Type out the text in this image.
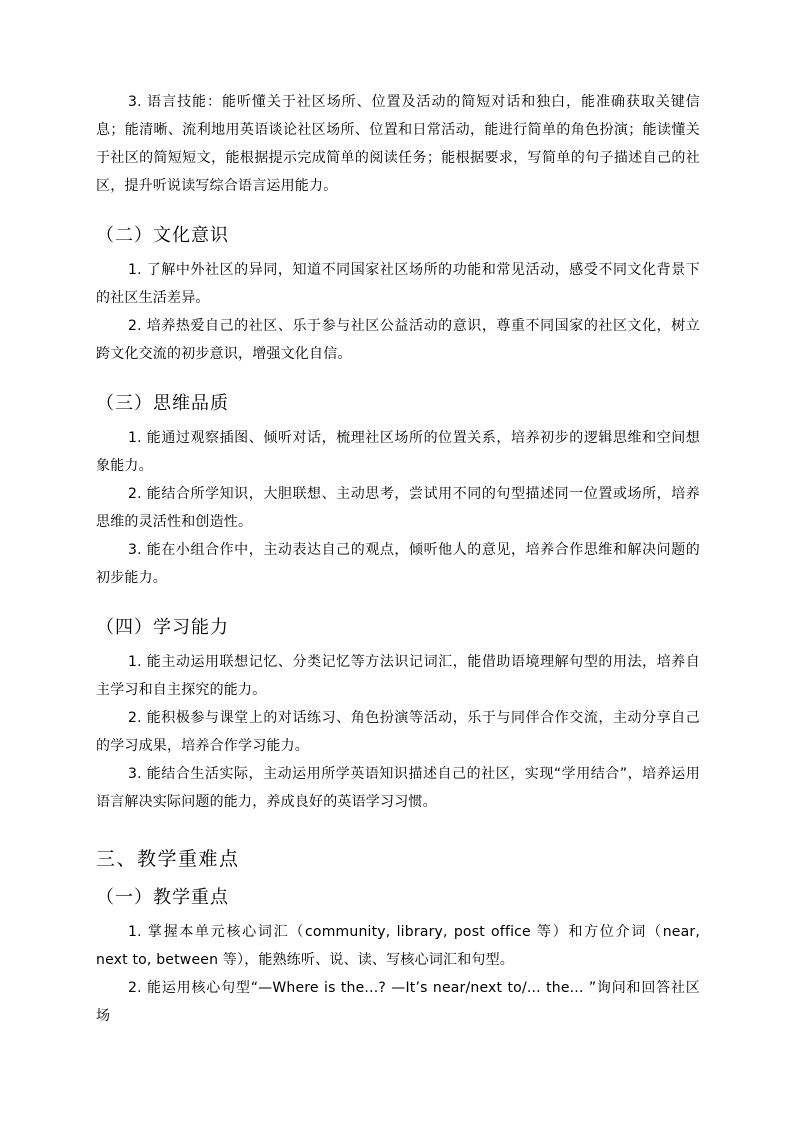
3. 语言技能：能听懂关于社区场所、位置及活动的简短对话和独白，能准确获取关键信息；能清晰、流利地用英语谈论社区场所、位置和日常活动，能进行简单的角色扮演；能读懂关于社区的简短短文，能根据提示完成简单的阅读任务；能根据要求，写简单的句子描述自己的社区，提升听说读写综合语言运用能力。

（二）文化意识

1. 了解中外社区的异同，知道不同国家社区场所的功能和常见活动，感受不同文化背景下的社区生活差异。

2. 培养热爱自己的社区、乐于参与社区公益活动的意识，尊重不同国家的社区文化，树立跨文化交流的初步意识，增强文化自信。

（三）思维品质

1. 能通过观察插图、倾听对话，梳理社区场所的位置关系，培养初步的逻辑思维和空间想象能力。

2. 能结合所学知识，大胆联想、主动思考，尝试用不同的句型描述同一位置或场所，培养思维的灵活性和创造性。

3. 能在小组合作中，主动表达自己的观点，倾听他人的意见，培养合作思维和解决问题的初步能力。

（四）学习能力

1. 能主动运用联想记忆、分类记忆等方法识记词汇，能借助语境理解句型的用法，培养自主学习和自主探究的能力。

2. 能积极参与课堂上的对话练习、角色扮演等活动，乐于与同伴合作交流，主动分享自己的学习成果，培养合作学习能力。

3. 能结合生活实际，主动运用所学英语知识描述自己的社区，实现“学用结合”，培养运用语言解决实际问题的能力，养成良好的英语学习习惯。

三、教学重难点
（一）教学重点

1. 掌握本单元核心词汇（community, library, post office 等）和方位介词（near, next to, between 等），能熟练听、说、读、写核心词汇和句型。

2. 能运用核心句型“—Where is the...? —It’s near/next to/... the... ”询问和回答社区场
